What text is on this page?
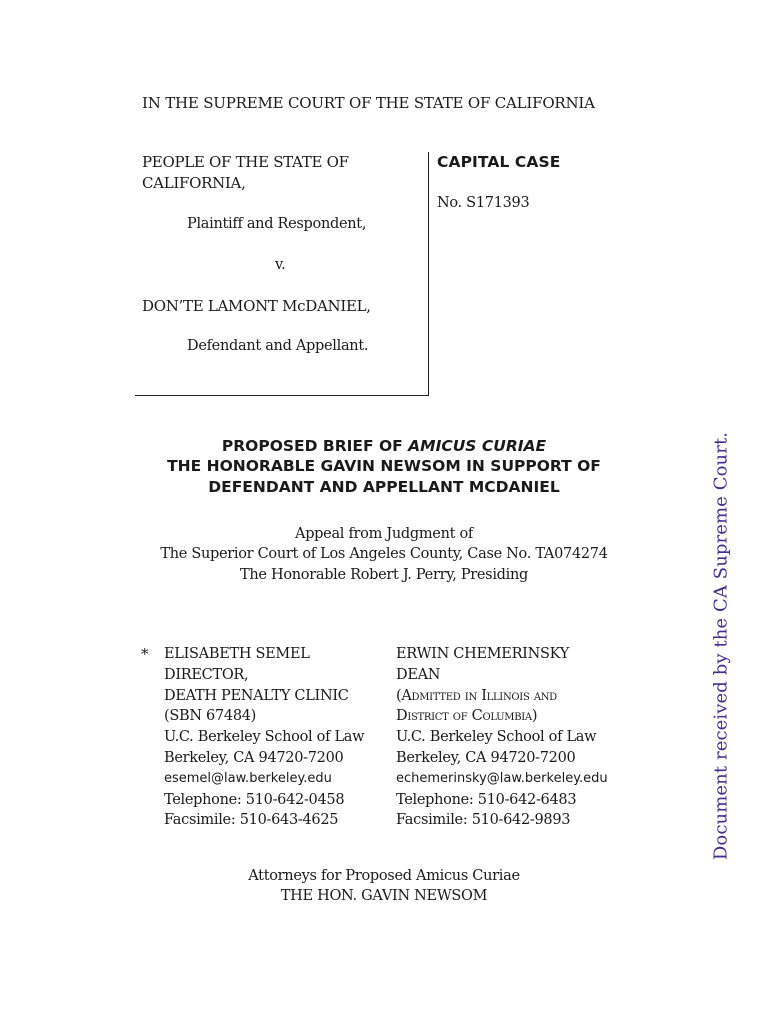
IN THE SUPREME COURT OF THE STATE OF CALIFORNIA
PEOPLE OF THE STATE OF
CALIFORNIA,
Plaintiff and Respondent,
v.
DON’TE LAMONT McDANIEL,
Defendant and Appellant.
CAPITAL CASE
No. S171393
PROPOSED BRIEF OF AMICUS CURIAE
THE HONORABLE GAVIN NEWSOM IN SUPPORT OF
DEFENDANT AND APPELLANT MCDANIEL
Appeal from Judgment of
The Superior Court of Los Angeles County, Case No. TA074274
The Honorable Robert J. Perry, Presiding
* ELISABETH SEMEL
DIRECTOR,
DEATH PENALTY CLINIC
(SBN 67484)
U.C. Berkeley School of Law
Berkeley, CA 94720-7200
esemel@law.berkeley.edu
Telephone: 510-642-0458
Facsimile: 510-643-4625
ERWIN CHEMERINSKY
DEAN
(Admitted in Illinois and
District of Columbia)
U.C. Berkeley School of Law
Berkeley, CA 94720-7200
echemerinsky@law.berkeley.edu
Telephone: 510-642-6483
Facsimile: 510-642-9893
Attorneys for Proposed Amicus Curiae
THE HON. GAVIN NEWSOM
Document received by the CA Supreme Court.
